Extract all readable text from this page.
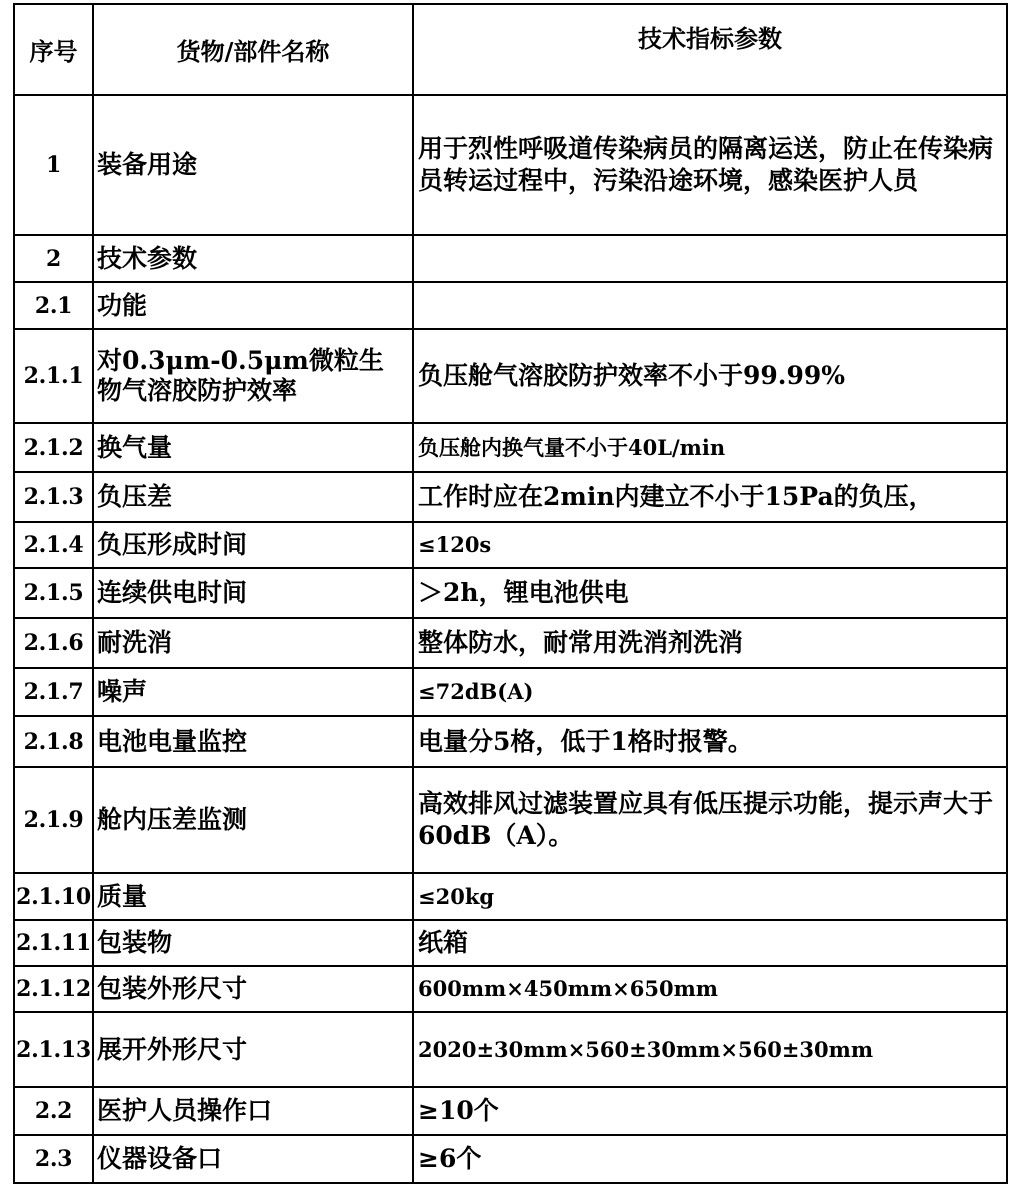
序号	货物/部件名称	技术指标参数
1	装备用途	用于烈性呼吸道传染病员的隔离运送，防止在传染病员转运过程中，污染沿途环境，感染医护人员
2	技术参数	
2.1	功能	
2.1.1	对0.3μm-0.5μm微粒生物气溶胶防护效率	负压舱气溶胶防护效率不小于99.99%
2.1.2	换气量	负压舱内换气量不小于40L/min
2.1.3	负压差	工作时应在2min内建立不小于15Pa的负压，
2.1.4	负压形成时间	≤120s
2.1.5	连续供电时间	＞2h，锂电池供电
2.1.6	耐洗消	整体防水，耐常用洗消剂洗消
2.1.7	噪声	≤72dB(A)
2.1.8	电池电量监控	电量分5格，低于1格时报警。
2.1.9	舱内压差监测	高效排风过滤装置应具有低压提示功能，提示声大于60dB（A）。
2.1.10	质量	≤20kg
2.1.11	包装物	纸箱
2.1.12	包装外形尺寸	600mm×450mm×650mm
2.1.13	展开外形尺寸	2020±30mm×560±30mm×560±30mm
2.2	医护人员操作口	≥10个
2.3	仪器设备口	≥6个
